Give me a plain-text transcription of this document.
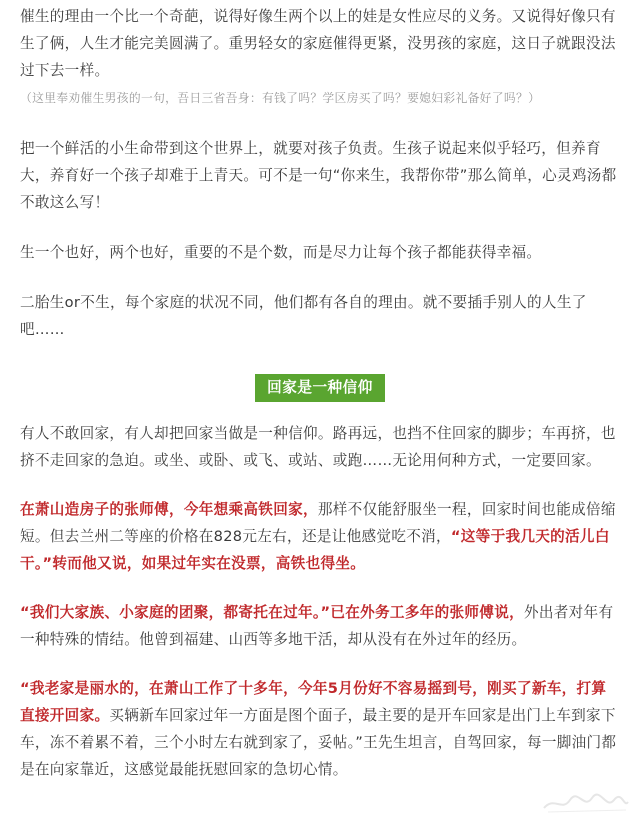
催生的理由一个比一个奇葩，说得好像生两个以上的娃是女性应尽的义务。又说得好像只有生了俩，人生才能完美圆满了。重男轻女的家庭催得更紧，没男孩的家庭，这日子就跟没法过下去一样。（这里奉劝催生男孩的一句，吾日三省吾身：有钱了吗？学区房买了吗？要媳妇彩礼备好了吗？）

把一个鲜活的小生命带到这个世界上，就要对孩子负责。生孩子说起来似乎轻巧，但养育大，养育好一个孩子却难于上青天。可不是一句“你来生，我帮你带”那么简单，心灵鸡汤都不敢这么写！

生一个也好，两个也好，重要的不是个数，而是尽力让每个孩子都能获得幸福。

二胎生or不生，每个家庭的状况不同，他们都有各自的理由。就不要插手别人的人生了吧……

回家是一种信仰

有人不敢回家，有人却把回家当做是一种信仰。路再远，也挡不住回家的脚步；车再挤，也挤不走回家的急迫。或坐、或卧、或飞、或站、或跑……无论用何种方式，一定要回家。

在萧山造房子的张师傅，今年想乘高铁回家，那样不仅能舒服坐一程，回家时间也能成倍缩短。但去兰州二等座的价格在828元左右，还是让他感觉吃不消，“这等于我几天的活儿白干。”转而他又说，如果过年实在没票，高铁也得坐。

“我们大家族、小家庭的团聚，都寄托在过年。”已在外务工多年的张师傅说，外出者对年有一种特殊的情结。他曾到福建、山西等多地干活，却从没有在外过年的经历。

“我老家是丽水的，在萧山工作了十多年，今年5月份好不容易摇到号，刚买了新车，打算直接开回家。买辆新车回家过年一方面是图个面子，最主要的是开车回家是出门上车到家下车，冻不着累不着，三个小时左右就到家了，妥帖。”王先生坦言，自驾回家，每一脚油门都是在向家靠近，这感觉最能抚慰回家的急切心情。
